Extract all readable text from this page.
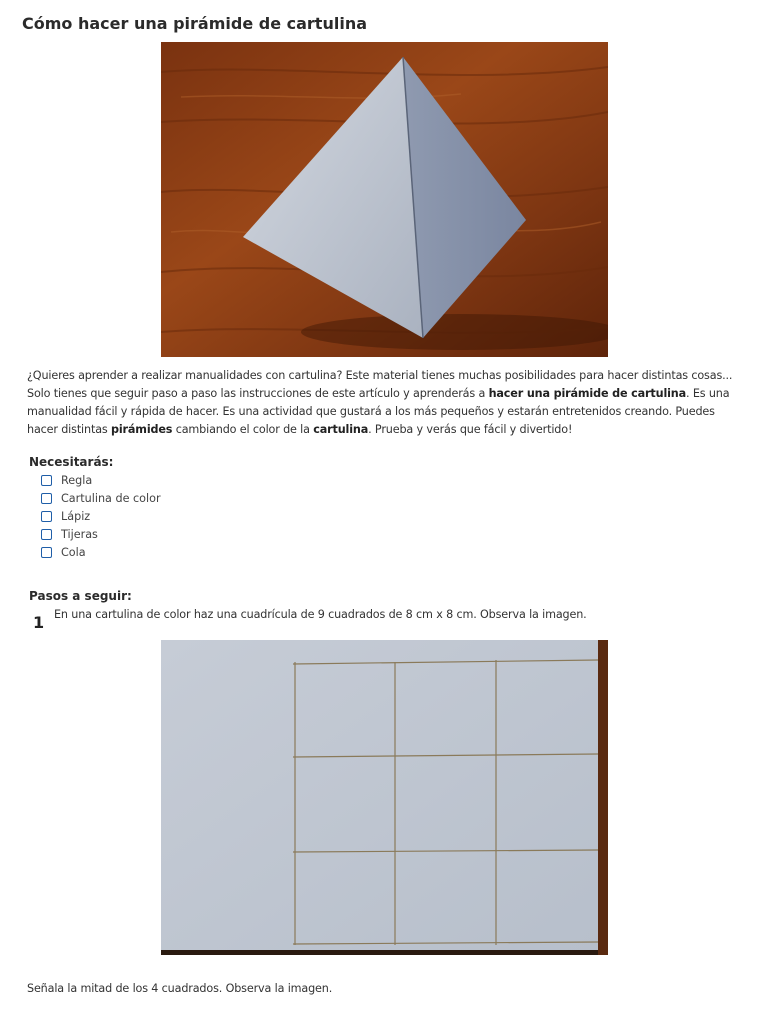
Cómo hacer una pirámide de cartulina
¿Quieres aprender a realizar manualidades con cartulina? Este material tienes muchas posibilidades para hacer distintas cosas... Solo tienes que seguir paso a paso las instrucciones de este artículo y aprenderás a hacer una pirámide de cartulina. Es una manualidad fácil y rápida de hacer. Es una actividad que gustará a los más pequeños y estarán entretenidos creando. Puedes hacer distintas pirámides cambiando el color de la cartulina. Prueba y verás que fácil y divertido!
Necesitarás:
Regla
Cartulina de color
Lápiz
Tijeras
Cola
Pasos a seguir:
1 En una cartulina de color haz una cuadrícula de 9 cuadrados de 8 cm x 8 cm. Observa la imagen.
Señala la mitad de los 4 cuadrados. Observa la imagen.
